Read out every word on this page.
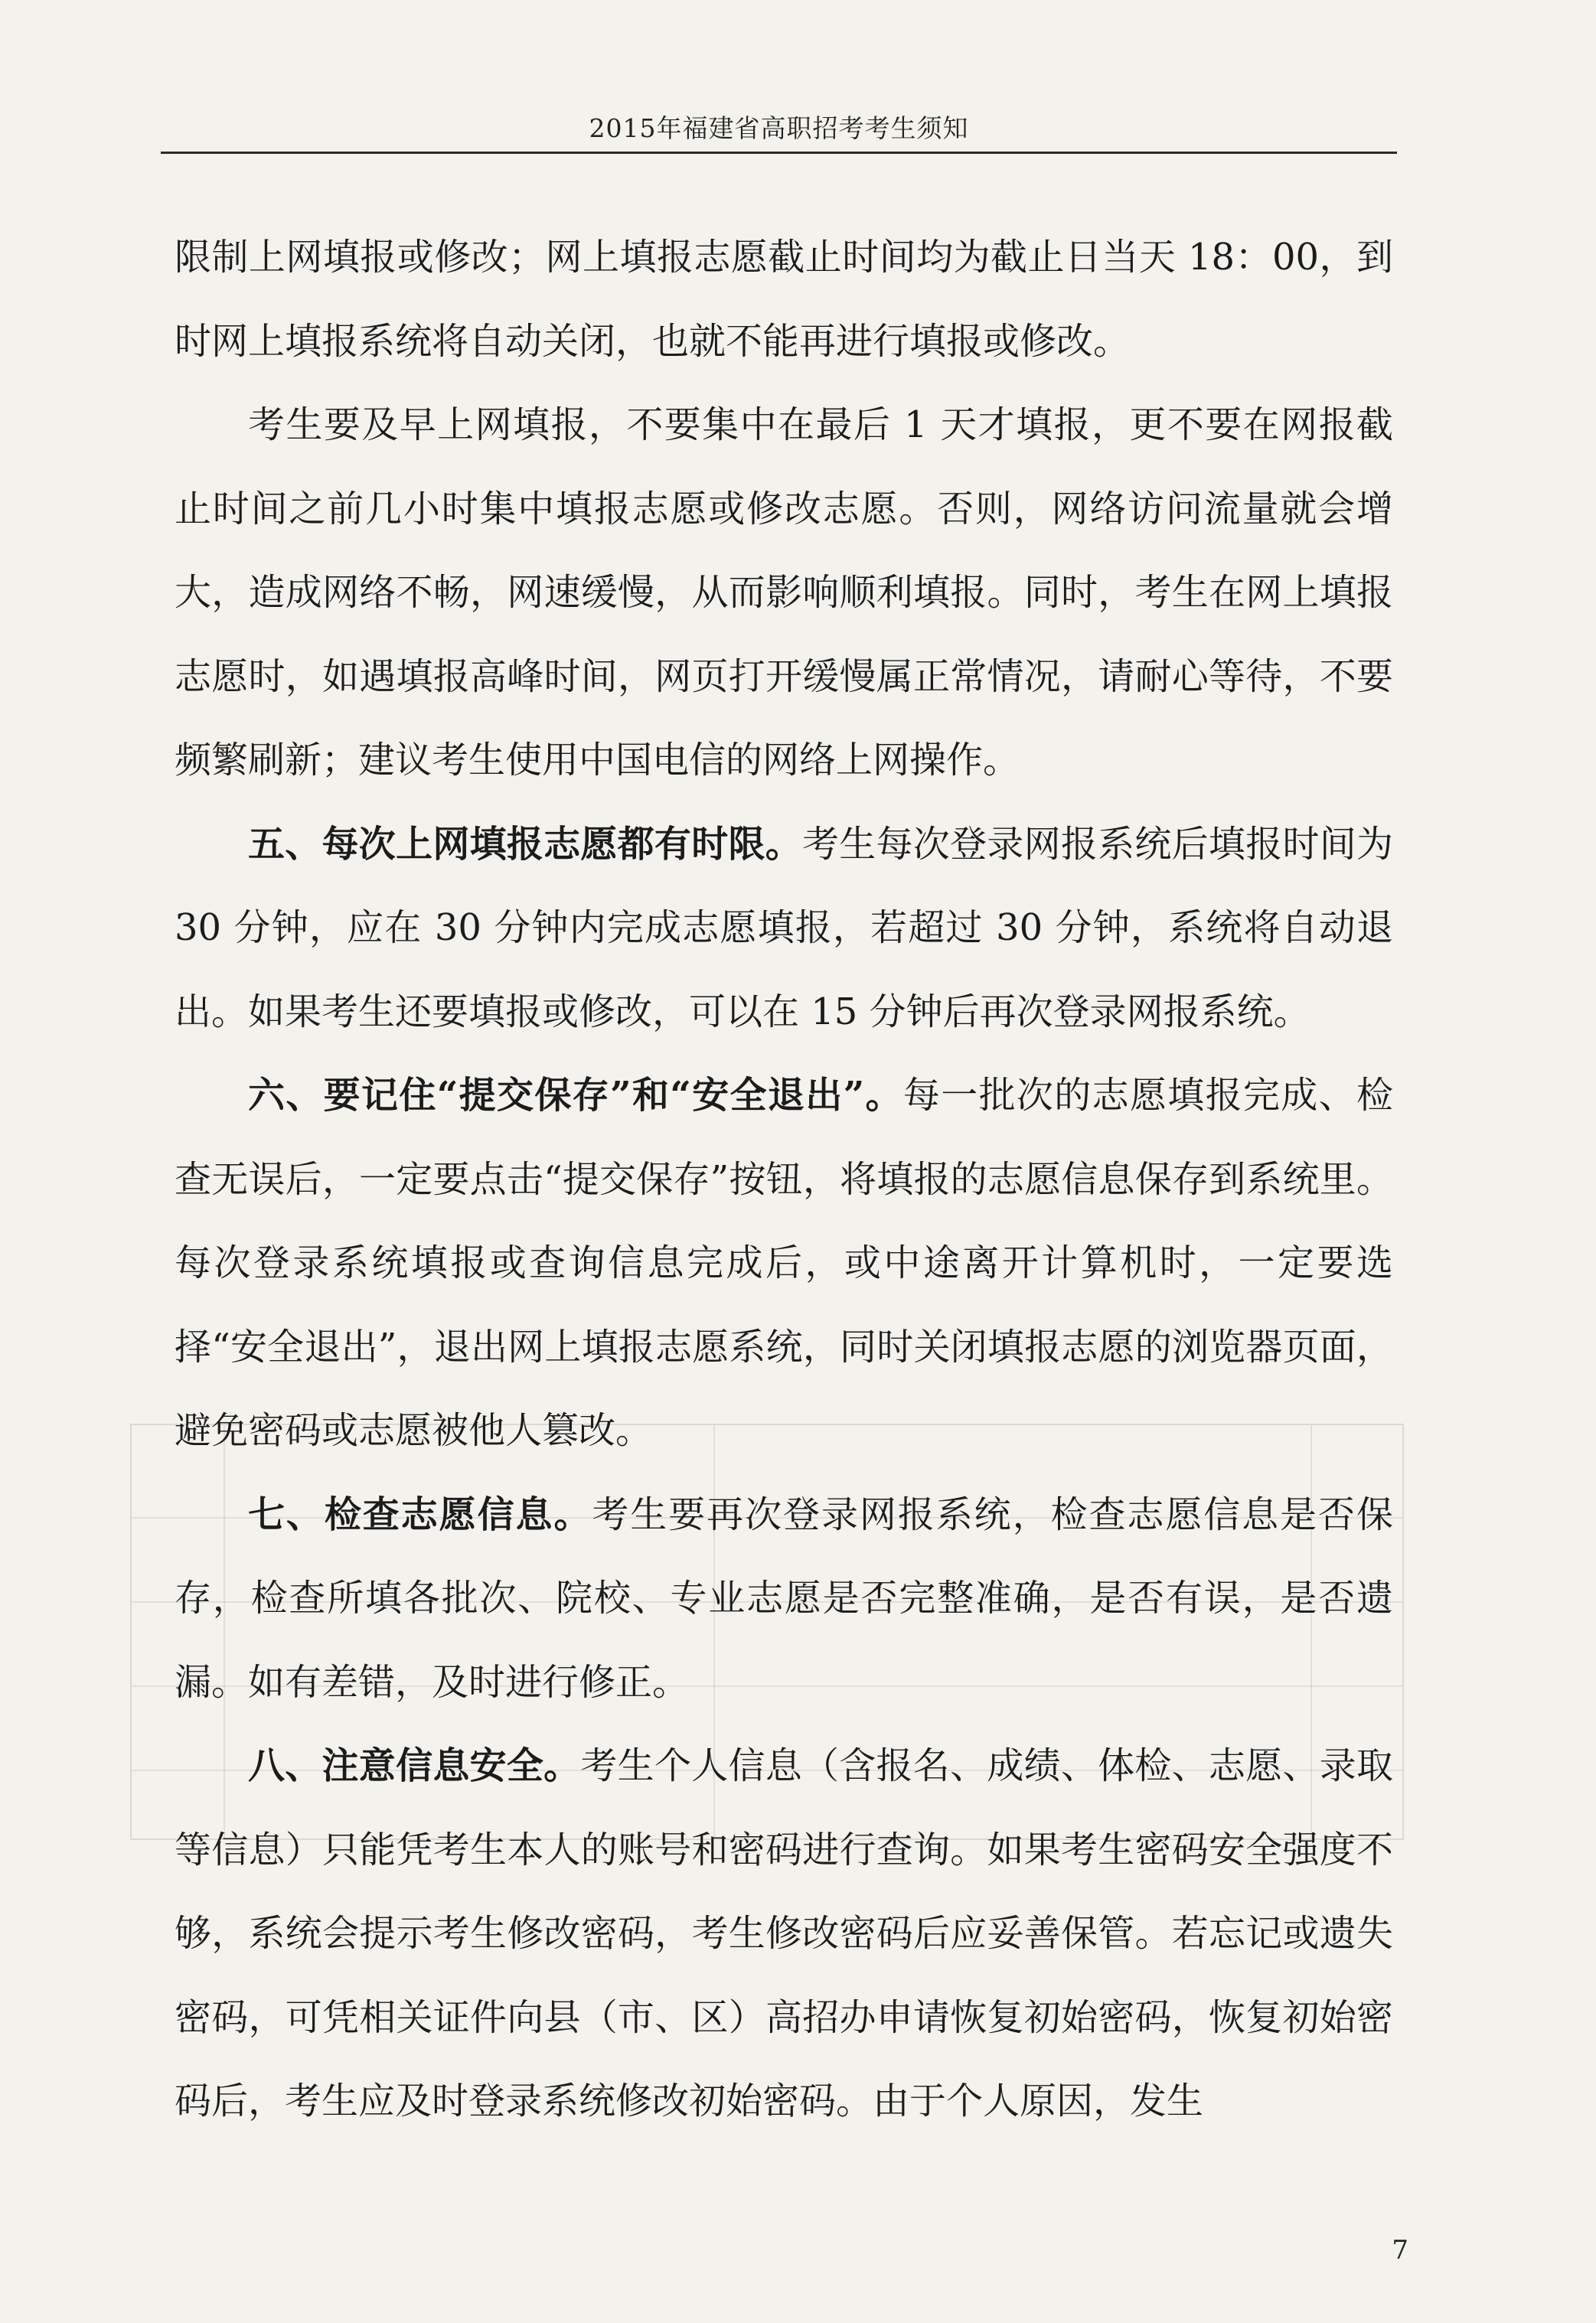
2015年福建省高职招考考生须知

限制上网填报或修改；网上填报志愿截止时间均为截止日当天 18：00，到时网上填报系统将自动关闭，也就不能再进行填报或修改。

考生要及早上网填报，不要集中在最后 1 天才填报，更不要在网报截止时间之前几小时集中填报志愿或修改志愿。否则，网络访问流量就会增大，造成网络不畅，网速缓慢，从而影响顺利填报。同时，考生在网上填报志愿时，如遇填报高峰时间，网页打开缓慢属正常情况，请耐心等待，不要频繁刷新；建议考生使用中国电信的网络上网操作。

五、每次上网填报志愿都有时限。考生每次登录网报系统后填报时间为 30 分钟，应在 30 分钟内完成志愿填报，若超过 30 分钟，系统将自动退出。如果考生还要填报或修改，可以在 15 分钟后再次登录网报系统。

六、要记住“提交保存”和“安全退出”。每一批次的志愿填报完成、检查无误后，一定要点击“提交保存”按钮，将填报的志愿信息保存到系统里。每次登录系统填报或查询信息完成后，或中途离开计算机时，一定要选择“安全退出”，退出网上填报志愿系统，同时关闭填报志愿的浏览器页面，避免密码或志愿被他人篡改。

七、检查志愿信息。考生要再次登录网报系统，检查志愿信息是否保存，检查所填各批次、院校、专业志愿是否完整准确，是否有误，是否遗漏。如有差错，及时进行修正。

八、注意信息安全。考生个人信息（含报名、成绩、体检、志愿、录取等信息）只能凭考生本人的账号和密码进行查询。如果考生密码安全强度不够，系统会提示考生修改密码，考生修改密码后应妥善保管。若忘记或遗失密码，可凭相关证件向县（市、区）高招办申请恢复初始密码，恢复初始密码后，考生应及时登录系统修改初始密码。由于个人原因，发生

7
